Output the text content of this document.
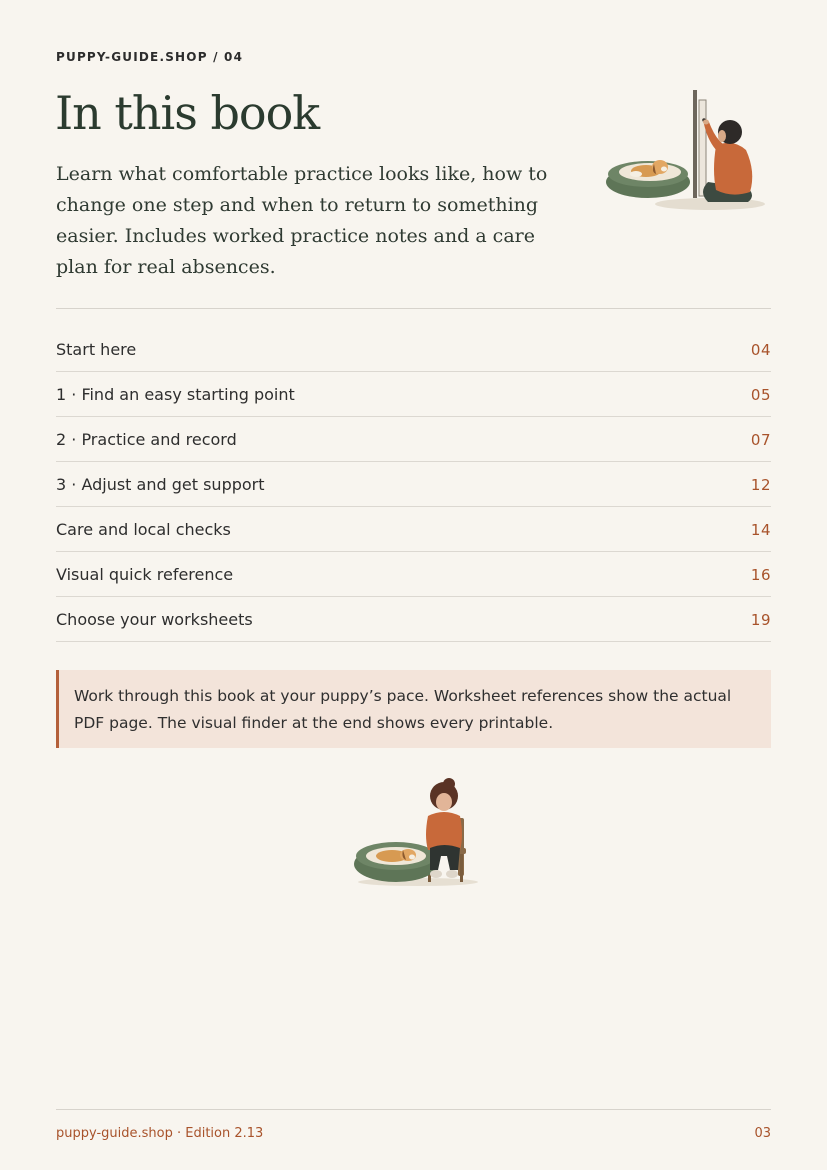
PUPPY-GUIDE.SHOP / 04
In this book

Learn what comfortable practice looks like, how to change one step and when to return to something easier. Includes worked practice notes and a care plan for real absences.

Start here	04
1 · Find an easy starting point	05
2 · Practice and record	07
3 · Adjust and get support	12
Care and local checks	14
Visual quick reference	16
Choose your worksheets	19
Work through this book at your puppy’s pace. Worksheet references show the actual PDF page. The visual finder at the end shows every printable.
puppy-guide.shop · Edition 2.13	03
